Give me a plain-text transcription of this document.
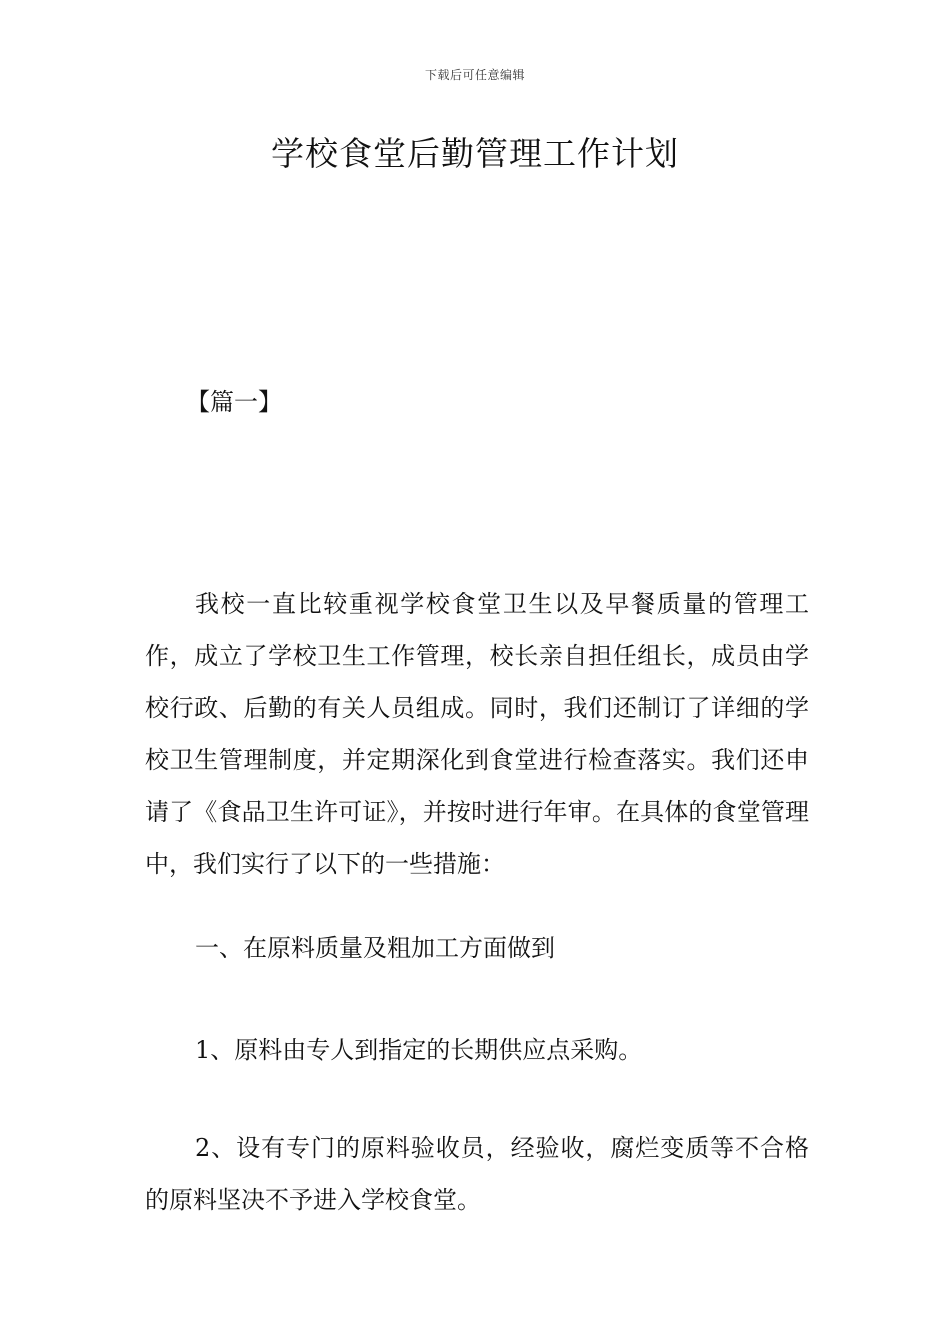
下载后可任意编辑
学校食堂后勤管理工作计划
【篇一】

我校一直比较重视学校食堂卫生以及早餐质量的管理工作，成立了学校卫生工作管理，校长亲自担任组长，成员由学校行政、后勤的有关人员组成。同时，我们还制订了详细的学校卫生管理制度，并定期深化到食堂进行检查落实。我们还申请了《食品卫生许可证》，并按时进行年审。在具体的食堂管理中，我们实行了以下的一些措施：

一、在原料质量及粗加工方面做到

1、原料由专人到指定的长期供应点采购。

2、设有专门的原料验收员，经验收，腐烂变质等不合格的原料坚决不予进入学校食堂。
